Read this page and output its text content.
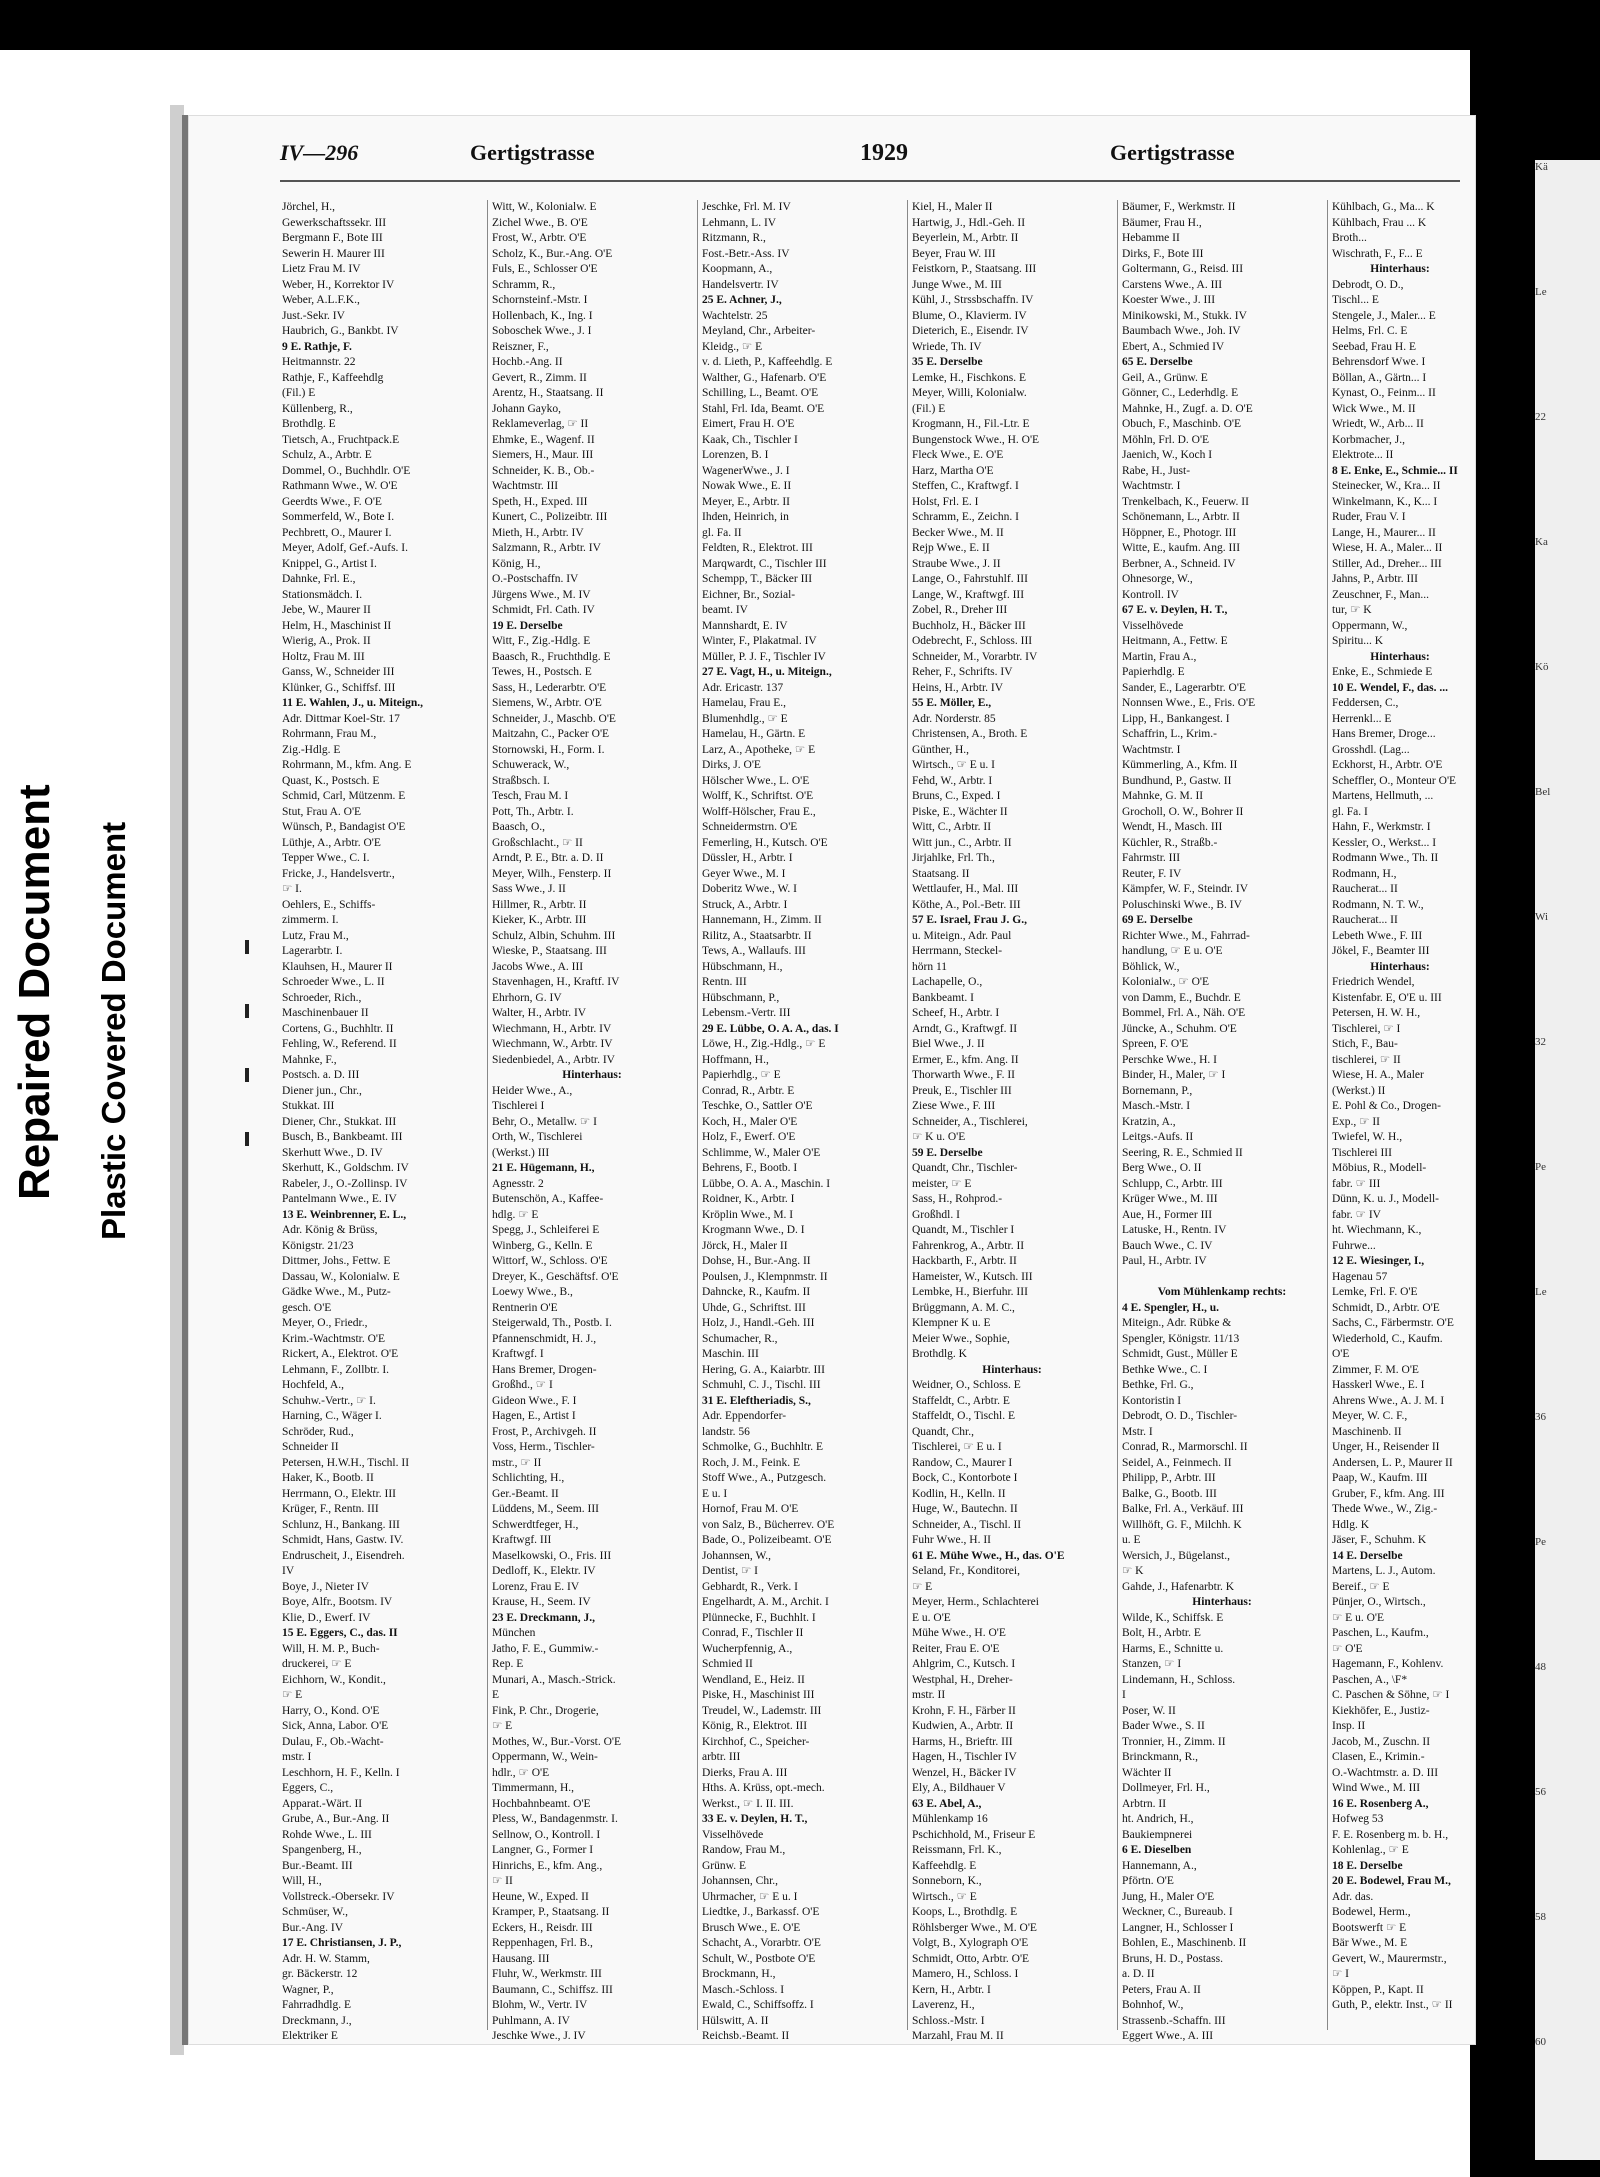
Kä
Le
22
Ka
Kö
Bel
Wi
32
Pe
Le
36
Pe
48
56
58
60
IV—296	Gertigstrasse	1929	Gertigstrasse
Jörchel, H.,
Gewerkschaftssekr. III
Bergmann F., Bote III
Sewerin H. Maurer III
Lietz Frau M. IV
Weber, H., Korrektor IV
Weber, A.L.F.K.,
Just.-Sekr. IV
Haubrich, G., Bankbt. IV
9 E. Rathje, F.
Heitmannstr. 22
Rathje, F., Kaffeehdlg
(Fil.) E
Küllenberg, R.,
Brothdlg. E
Tietsch, A., Fruchtpack.E
Schulz, A., Arbtr. E
Dommel, O., Buchhdlr. O'E
Rathmann Wwe., W. O'E
Geerdts Wwe., F. O'E
Sommerfeld, W., Bote I.
Pechbrett, O., Maurer I.
Meyer, Adolf, Gef.-Aufs. I.
Knippel, G., Artist I.
Dahnke, Frl. E.,
Stationsmädch. I.
Jebe, W., Maurer II
Helm, H., Maschinist II
Wierig, A., Prok. II
Holtz, Frau M. III
Ganss, W., Schneider III
Klünker, G., Schiffsf. III
11 E. Wahlen, J., u. Miteign.,
Adr. Dittmar Koel-Str. 17
Rohrmann, Frau M.,
Zig.-Hdlg. E
Rohrmann, M., kfm. Ang. E
Quast, K., Postsch. E
Schmid, Carl, Mützenm. E
Stut, Frau A. O'E
Wünsch, P., Bandagist O'E
Lüthje, A., Arbtr. O'E
Tepper Wwe., C. I.
Fricke, J., Handelsvertr.,
☞ I.
Oehlers, E., Schiffs-
zimmerm. I.
Lutz, Frau M.,
Lagerarbtr. I.
Klauhsen, H., Maurer II
Schroeder Wwe., L. II
Schroeder, Rich.,
Maschinenbauer II
Cortens, G., Buchhltr. II
Fehling, W., Referend. II
Mahnke, F.,
Postsch. a. D. III
Diener jun., Chr.,
Stukkat. III
Diener, Chr., Stukkat. III
Busch, B., Bankbeamt. III
Skerhutt Wwe., D. IV
Skerhutt, K., Goldschm. IV
Rabeler, J., O.-Zollinsp. IV
Pantelmann Wwe., E. IV
13 E. Weinbrenner, E. L.,
Adr. König & Brüss,
Königstr. 21/23
Dittmer, Johs., Fettw. E
Dassau, W., Kolonialw. E
Gädke Wwe., M., Putz-
gesch. O'E
Meyer, O., Friedr.,
Krim.-Wachtmstr. O'E
Rickert, A., Elektrot. O'E
Lehmann, F., Zollbtr. I.
Hochfeld, A.,
Schuhw.-Vertr., ☞ I.
Harning, C., Wäger I.
Schröder, Rud.,
Schneider II
Petersen, H.W.H., Tischl. II
Haker, K., Bootb. II
Herrmann, O., Elektr. III
Krüger, F., Rentn. III
Schlunz, H., Bankang. III
Schmidt, Hans, Gastw. IV.
Endruscheit, J., Eisendreh.
IV
Boye, J., Nieter IV
Boye, Alfr., Bootsm. IV
Klie, D., Ewerf. IV
15 E. Eggers, C., das. II
Will, H. M. P., Buch-
druckerei, ☞ E
Eichhorn, W., Kondit.,
☞ E
Harry, O., Kond. O'E
Sick, Anna, Labor. O'E
Dulau, F., Ob.-Wacht-
mstr. I
Leschhorn, H. F., Kelln. I
Eggers, C.,
Apparat.-Wärt. II
Grube, A., Bur.-Ang. II
Rohde Wwe., L. III
Spangenberg, H.,
Bur.-Beamt. III
Will, H.,
Vollstreck.-Obersekr. IV
Schmüser, W.,
Bur.-Ang. IV
17 E. Christiansen, J. P.,
Adr. H. W. Stamm,
gr. Bäckerstr. 12
Wagner, P.,
Fahrradhdlg. E
Dreckmann, J.,
Elektriker E
Witt, W., Kolonialw. E
Zichel Wwe., B. O'E
Frost, W., Arbtr. O'E
Scholz, K., Bur.-Ang. O'E
Fuls, E., Schlosser O'E
Schramm, R.,
Schornsteinf.-Mstr. I
Hollenbach, K., Ing. I
Soboschek Wwe., J. I
Reiszner, F.,
Hochb.-Ang. II
Gevert, R., Zimm. II
Arentz, H., Staatsang. II
Johann Gayko,
Reklameverlag, ☞ II
Ehmke, E., Wagenf. II
Siemers, H., Maur. III
Schneider, K. B., Ob.-
Wachtmstr. III
Speth, H., Exped. III
Kunert, C., Polizeibtr. III
Mieth, H., Arbtr. IV
Salzmann, R., Arbtr. IV
König, H.,
O.-Postschaffn. IV
Jürgens Wwe., M. IV
Schmidt, Frl. Cath. IV
19 E. Derselbe
Witt, F., Zig.-Hdlg. E
Baasch, R., Fruchthdlg. E
Tewes, H., Postsch. E
Sass, H., Lederarbtr. O'E
Siemens, W., Arbtr. O'E
Schneider, J., Maschb. O'E
Maitzahn, C., Packer O'E
Stornowski, H., Form. I.
Schuwerack, W.,
Straßbsch. I.
Tesch, Frau M. I
Pott, Th., Arbtr. I.
Baasch, O.,
Großschlacht., ☞ II
Arndt, P. E., Btr. a. D. II
Meyer, Wilh., Fensterp. II
Sass Wwe., J. II
Hillmer, R., Arbtr. II
Kieker, K., Arbtr. III
Schulz, Albin, Schuhm. III
Wieske, P., Staatsang. III
Jacobs Wwe., A. III
Stavenhagen, H., Kraftf. IV
Ehrhorn, G. IV
Walter, H., Arbtr. IV
Wiechmann, H., Arbtr. IV
Wiechmann, W., Arbtr. IV
Siedenbiedel, A., Arbtr. IV
Hinterhaus:
Heider Wwe., A.,
Tischlerei I
Behr, O., Metallw. ☞ I
Orth, W., Tischlerei
(Werkst.) III
21 E. Hügemann, H.,
Agnesstr. 2
Butenschön, A., Kaffee-
hdlg. ☞ E
Spegg, J., Schleiferei E
Winberg, G., Kelln. E
Wittorf, W., Schloss. O'E
Dreyer, K., Geschäftsf. O'E
Loewy Wwe., B.,
Rentnerin O'E
Steigerwald, Th., Postb. I.
Pfannenschmidt, H. J.,
Kraftwgf. I
Hans Bremer, Drogen-
Großhd., ☞ I
Gideon Wwe., F. I
Hagen, E., Artist I
Frost, P., Archivgeh. II
Voss, Herm., Tischler-
mstr., ☞ II
Schlichting, H.,
Ger.-Beamt. II
Lüddens, M., Seem. III
Schwerdtfeger, H.,
Kraftwgf. III
Maselkowski, O., Fris. III
Dedloff, K., Elektr. IV
Lorenz, Frau E. IV
Krause, H., Seem. IV
23 E. Dreckmann, J.,
München
Jatho, F. E., Gummiw.-
Rep. E
Munari, A., Masch.-Strick.
E
Fink, P. Chr., Drogerie,
☞ E
Mothes, W., Bur.-Vorst. O'E
Oppermann, W., Wein-
hdlr., ☞ O'E
Timmermann, H.,
Hochbahnbeamt. O'E
Pless, W., Bandagenmstr. I.
Sellnow, O., Kontroll. I
Langner, G., Former I
Hinrichs, E., kfm. Ang.,
☞ II
Heune, W., Exped. II
Kramper, P., Staatsang. II
Eckers, H., Reisdr. III
Reppenhagen, Frl. B.,
Hausang. III
Fluhr, W., Werkmstr. III
Baumann, C., Schiffsz. III
Blohm, W., Vertr. IV
Puhlmann, A. IV
Jeschke Wwe., J. IV
Jeschke, Frl. M. IV
Lehmann, L. IV
Ritzmann, R.,
Fost.-Betr.-Ass. IV
Koopmann, A.,
Handelsvertr. IV
25 E. Achner, J.,
Wachtelstr. 25
Meyland, Chr., Arbeiter-
Kleidg., ☞ E
v. d. Lieth, P., Kaffeehdlg. E
Walther, G., Hafenarb. O'E
Schilling, L., Beamt. O'E
Stahl, Frl. Ida, Beamt. O'E
Eimert, Frau H. O'E
Kaak, Ch., Tischler I
Lorenzen, B. I
WagenerWwe., J. I
Nowak Wwe., E. II
Meyer, E., Arbtr. II
Ihden, Heinrich, in
gl. Fa. II
Feldten, R., Elektrot. III
Marqwardt, C., Tischler III
Schempp, T., Bäcker III
Eichner, Br., Sozial-
beamt. IV
Mannshardt, E. IV
Winter, F., Plakatmal. IV
Müller, P. J. F., Tischler IV
27 E. Vagt, H., u. Miteign.,
Adr. Ericastr. 137
Hamelau, Frau E.,
Blumenhdlg., ☞ E
Hamelau, H., Gärtn. E
Larz, A., Apotheke, ☞ E
Dirks, J. O'E
Hölscher Wwe., L. O'E
Wolff, K., Schriftst. O'E
Wolff-Hölscher, Frau E.,
Schneidermstrn. O'E
Femerling, H., Kutsch. O'E
Düssler, H., Arbtr. I
Geyer Wwe., M. I
Doberitz Wwe., W. I
Struck, A., Arbtr. I
Hannemann, H., Zimm. II
Rilitz, A., Staatsarbtr. II
Tews, A., Wallaufs. III
Hübschmann, H.,
Rentn. III
Hübschmann, P.,
Lebensm.-Vertr. III
29 E. Lübbe, O. A. A., das. I
Löwe, H., Zig.-Hdlg., ☞ E
Hoffmann, H.,
Papierhdlg., ☞ E
Conrad, R., Arbtr. E
Teschke, O., Sattler O'E
Koch, H., Maler O'E
Holz, F., Ewerf. O'E
Schlimme, W., Maler O'E
Behrens, F., Bootb. I
Lübbe, O. A. A., Maschin. I
Roidner, K., Arbtr. I
Kröplin Wwe., M. I
Krogmann Wwe., D. I
Jörck, H., Maler II
Dohse, H., Bur.-Ang. II
Poulsen, J., Klempnmstr. II
Dahncke, R., Kaufm. II
Uhde, G., Schriftst. III
Holz, J., Handl.-Geh. III
Schumacher, R.,
Maschin. III
Hering, G. A., Kaiarbtr. III
Schmuhl, C. J., Tischl. III
31 E. Eleftheriadis, S.,
Adr. Eppendorfer-
landstr. 56
Schmolke, G., Buchhltr. E
Roch, J. M., Feink. E
Stoff Wwe., A., Putzgesch.
E u. I
Hornof, Frau M. O'E
von Salz, B., Bücherrev. O'E
Bade, O., Polizeibeamt. O'E
Johannsen, W.,
Dentist, ☞ I
Gebhardt, R., Verk. I
Engelhardt, A. M., Archit. I
Plünnecke, F., Buchhlt. I
Conrad, F., Tischler II
Wucherpfennig, A.,
Schmied II
Wendland, E., Heiz. II
Piske, H., Maschinist III
Treudel, W., Lademstr. III
König, R., Elektrot. III
Kirchhof, C., Speicher-
arbtr. III
Dierks, Frau A. III
Hths. A. Krüss, opt.-mech.
Werkst., ☞ I. II. III.
33 E. v. Deylen, H. T.,
Visselhövede
Randow, Frau M.,
Grünw. E
Johannsen, Chr.,
Uhrmacher, ☞ E u. I
Liedtke, J., Barkassf. O'E
Brusch Wwe., E. O'E
Schacht, A., Vorarbtr. O'E
Schult, W., Postbote O'E
Brockmann, H.,
Masch.-Schloss. I
Ewald, C., Schiffsoffz. I
Hülswitt, A. II
Reichsb.-Beamt. II
Kiel, H., Maler II
Hartwig, J., Hdl.-Geh. II
Beyerlein, M., Arbtr. II
Beyer, Frau W. III
Feistkorn, P., Staatsang. III
Junge Wwe., M. III
Kühl, J., Strssbschaffn. IV
Blume, O., Klavierm. IV
Dieterich, E., Eisendr. IV
Wriede, Th. IV
35 E. Derselbe
Lemke, H., Fischkons. E
Meyer, Willi, Kolonialw.
(Fil.) E
Krogmann, H., Fil.-Ltr. E
Bungenstock Wwe., H. O'E
Fleck Wwe., E. O'E
Harz, Martha O'E
Steffen, C., Kraftwgf. I
Holst, Frl. E. I
Schramm, E., Zeichn. I
Becker Wwe., M. II
Rejp Wwe., E. II
Straube Wwe., J. II
Lange, O., Fahrstuhlf. III
Lange, W., Kraftwgf. III
Zobel, R., Dreher III
Buchholz, H., Bäcker III
Odebrecht, F., Schloss. III
Schneider, M., Vorarbtr. IV
Reher, F., Schrifts. IV
Heins, H., Arbtr. IV
55 E. Möller, E.,
Adr. Norderstr. 85
Christensen, A., Broth. E
Günther, H.,
Wirtsch., ☞ E u. I
Fehd, W., Arbtr. I
Bruns, C., Exped. I
Piske, E., Wächter II
Witt, C., Arbtr. II
Witt jun., C., Arbtr. II
Jirjahlke, Frl. Th.,
Staatsang. II
Wettlaufer, H., Mal. III
Köthe, A., Pol.-Betr. III
57 E. Israel, Frau J. G.,
u. Miteign., Adr. Paul
Herrmann, Steckel-
hörn 11
Lachapelle, O.,
Bankbeamt. I
Scheef, H., Arbtr. I
Arndt, G., Kraftwgf. II
Biel Wwe., J. II
Ermer, E., kfm. Ang. II
Thorwarth Wwe., F. II
Preuk, E., Tischler III
Ziese Wwe., F. III
Schneider, A., Tischlerei,
☞ K u. O'E
59 E. Derselbe
Quandt, Chr., Tischler-
meister, ☞ E
Sass, H., Rohprod.-
Großhdl. I
Quandt, M., Tischler I
Fahrenkrog, A., Arbtr. II
Hackbarth, F., Arbtr. II
Hameister, W., Kutsch. III
Lembke, H., Bierfuhr. III
Brüggmann, A. M. C.,
Klempner K u. E
Meier Wwe., Sophie,
Brothdlg. K
Hinterhaus:
Weidner, O., Schloss. E
Staffeldt, C., Arbtr. E
Staffeldt, O., Tischl. E
Quandt, Chr.,
Tischlerei, ☞ E u. I
Randow, C., Maurer I
Bock, C., Kontorbote I
Kodlin, H., Kelln. II
Huge, W., Bautechn. II
Schneider, A., Tischl. II
Fuhr Wwe., H. II
61 E. Mühe Wwe., H., das. O'E
Seland, Fr., Konditorei,
☞ E
Meyer, Herm., Schlachterei
E u. O'E
Mühe Wwe., H. O'E
Reiter, Frau E. O'E
Ahlgrim, C., Kutsch. I
Westphal, H., Dreher-
mstr. II
Krohn, F. H., Färber II
Kudwien, A., Arbtr. II
Harms, H., Brieftr. III
Hagen, H., Tischler IV
Wenzel, H., Bäcker IV
Ely, A., Bildhauer V
63 E. Abel, A.,
Mühlenkamp 16
Pschichhold, M., Friseur E
Reissmann, Frl. K.,
Kaffeehdlg. E
Sonneborn, K.,
Wirtsch., ☞ E
Koops, L., Brothdlg. E
Röhlsberger Wwe., M. O'E
Volgt, B., Xylograph O'E
Schmidt, Otto, Arbtr. O'E
Mamero, H., Schloss. I
Kern, H., Arbtr. I
Laverenz, H.,
Schloss.-Mstr. I
Marzahl, Frau M. II
Bäumer, F., Werkmstr. II
Bäumer, Frau H.,
Hebamme II
Dirks, F., Bote III
Goltermann, G., Reisd. III
Carstens Wwe., A. III
Koester Wwe., J. III
Minikowski, M., Stukk. IV
Baumbach Wwe., Joh. IV
Ebert, A., Schmied IV
65 E. Derselbe
Geil, A., Grünw. E
Gönner, C., Lederhdlg. E
Mahnke, H., Zugf. a. D. O'E
Obuch, F., Maschinb. O'E
Möhln, Frl. D. O'E
Jaenich, W., Koch I
Rabe, H., Just-
Wachtmstr. I
Trenkelbach, K., Feuerw. II
Schönemann, L., Arbtr. II
Höppner, E., Photogr. III
Witte, E., kaufm. Ang. III
Berbner, A., Schneid. IV
Ohnesorge, W.,
Kontroll. IV
67 E. v. Deylen, H. T.,
Visselhövede
Heitmann, A., Fettw. E
Martin, Frau A.,
Papierhdlg. E
Sander, E., Lagerarbtr. O'E
Nonnsen Wwe., E., Fris. O'E
Lipp, H., Bankangest. I
Schaffrin, L., Krim.-
Wachtmstr. I
Kümmerling, A., Kfm. II
Bundhund, P., Gastw. II
Mahnke, G. M. II
Grocholl, O. W., Bohrer II
Wendt, H., Masch. III
Küchler, R., Straßb.-
Fahrmstr. III
Reuter, F. IV
Kämpfer, W. F., Steindr. IV
Poluschinski Wwe., B. IV
69 E. Derselbe
Richter Wwe., M., Fahrrad-
handlung, ☞ E u. O'E
Böhlick, W.,
Kolonialw., ☞ O'E
von Damm, E., Buchdr. E
Bommel, Frl. A., Näh. O'E
Jüncke, A., Schuhm. O'E
Spreen, F. O'E
Perschke Wwe., H. I
Binder, H., Maler, ☞ I
Bornemann, P.,
Masch.-Mstr. I
Kratzin, A.,
Leitgs.-Aufs. II
Seering, R. E., Schmied II
Berg Wwe., O. II
Schlupp, C., Arbtr. III
Krüger Wwe., M. III
Aue, H., Former III
Latuske, H., Rentn. IV
Bauch Wwe., C. IV
Paul, H., Arbtr. IV

Vom Mühlenkamp rechts:
4 E. Spengler, H., u.
Miteign., Adr. Rübke &
Spengler, Königstr. 11/13
Schmidt, Gust., Müller E
Bethke Wwe., C. I
Bethke, Frl. G.,
Kontoristin I
Debrodt, O. D., Tischler-
Mstr. I
Conrad, R., Marmorschl. II
Seidel, A., Feinmech. II
Philipp, P., Arbtr. III
Balke, G., Bootb. III
Balke, Frl. A., Verkäuf. III
Willhöft, G. F., Milchh. K
u. E
Wersich, J., Bügelanst.,
☞ K
Gahde, J., Hafenarbtr. K
Hinterhaus:
Wilde, K., Schiffsk. E
Bolt, H., Arbtr. E
Harms, E., Schnitte u.
Stanzen, ☞ I
Lindemann, H., Schloss.
I
Poser, W. II
Bader Wwe., S. II
Tronnier, H., Zimm. II
Brinckmann, R.,
Wächter II
Dollmeyer, Frl. H.,
Arbtrn. II
ht. Andrich, H.,
Baukiempnerei
6 E. Dieselben
Hannemann, A.,
Pförtn. O'E
Jung, H., Maler O'E
Weckner, C., Bureaub. I
Langner, H., Schlosser I
Bohlen, E., Maschinenb. II
Bruns, H. D., Postass.
a. D. II
Peters, Frau A. II
Bohnhof, W.,
Strassenb.-Schaffn. III
Eggert Wwe., A. III
Kühlbach, G., Ma... K
Kühlbach, Frau ... K
Broth...
Wischrath, F., F... E
Hinterhaus:
Debrodt, O. D.,
Tischl... E
Stengele, J., Maler... E
Helms, Frl. C. E
Seebad, Frau H. E
Behrensdorf Wwe. I
Böllan, A., Gärtn... I
Kynast, O., Feinm... II
Wick Wwe., M. II
Wriedt, W., Arb... II
Korbmacher, J.,
Elektrote... II
8 E. Enke, E., Schmie... II
Steinecker, W., Kra... II
Winkelmann, K., K... I
Ruder, Frau V. I
Lange, H., Maurer... II
Wiese, H. A., Maler... II
Stiller, Ad., Dreher... III
Jahns, P., Arbtr. III
Zeuschner, F., Man...
tur, ☞ K
Oppermann, W.,
Spiritu... K
Hinterhaus:
Enke, E., Schmiede E
10 E. Wendel, F., das. ...
Feddersen, C.,
Herrenkl... E
Hans Bremer, Droge...
Grosshdl. (Lag...
Eckhorst, H., Arbtr. O'E
Scheffler, O., Monteur O'E
Martens, Hellmuth, ...
gl. Fa. I
Hahn, F., Werkmstr. I
Kessler, O., Werkst... I
Rodmann Wwe., Th. II
Rodmann, H.,
Raucherat... II
Rodmann, N. T. W.,
Raucherat... II
Lebeth Wwe., F. III
Jökel, F., Beamter III
Hinterhaus:
Friedrich Wendel,
Kistenfabr. E, O'E u. III
Petersen, H. W. H.,
Tischlerei, ☞ I
Stich, F., Bau-
tischlerei, ☞ II
Wiese, H. A., Maler
(Werkst.) II
E. Pohl & Co., Drogen-
Exp., ☞ II
Twiefel, W. H.,
Tischlerei III
Möbius, R., Modell-
fabr. ☞ III
Dünn, K. u. J., Modell-
fabr. ☞ IV
ht. Wiechmann, K.,
Fuhrwe...
12 E. Wiesinger, I.,
Hagenau 57
Lemke, Frl. F. O'E
Schmidt, D., Arbtr. O'E
Sachs, C., Färbermstr. O'E
Wiederhold, C., Kaufm.
O'E
Zimmer, F. M. O'E
Hasskerl Wwe., E. I
Ahrens Wwe., A. J. M. I
Meyer, W. C. F.,
Maschinenb. II
Unger, H., Reisender II
Andersen, L. P., Maurer II
Paap, W., Kaufm. III
Gruber, F., kfm. Ang. III
Thede Wwe., W., Zig.-
Hdlg. K
Jäser, F., Schuhm. K
14 E. Derselbe
Martens, L. J., Autom.
Bereif., ☞ E
Pünjer, O., Wirtsch.,
☞ E u. O'E
Paschen, L., Kaufm.,
☞ O'E
Hagemann, F., Kohlenv.
Paschen, A., \F*
C. Paschen & Söhne, ☞ I
Kiekhöfer, E., Justiz-
Insp. II
Jacob, M., Zuschn. II
Clasen, E., Krimin.-
O.-Wachtmstr. a. D. III
Wind Wwe., M. III
16 E. Rosenberg A.,
Hofweg 53
F. E. Rosenberg m. b. H.,
Kohlenlag., ☞ E
18 E. Derselbe
20 E. Bodewel, Frau M.,
Adr. das.
Bodewel, Herm.,
Bootswerft ☞ E
Bär Wwe., M. E
Gevert, W., Maurermstr.,
☞ I
Köppen, P., Kapt. II
Guth, P., elektr. Inst., ☞ II
Repaired Document	Plastic Covered Document
